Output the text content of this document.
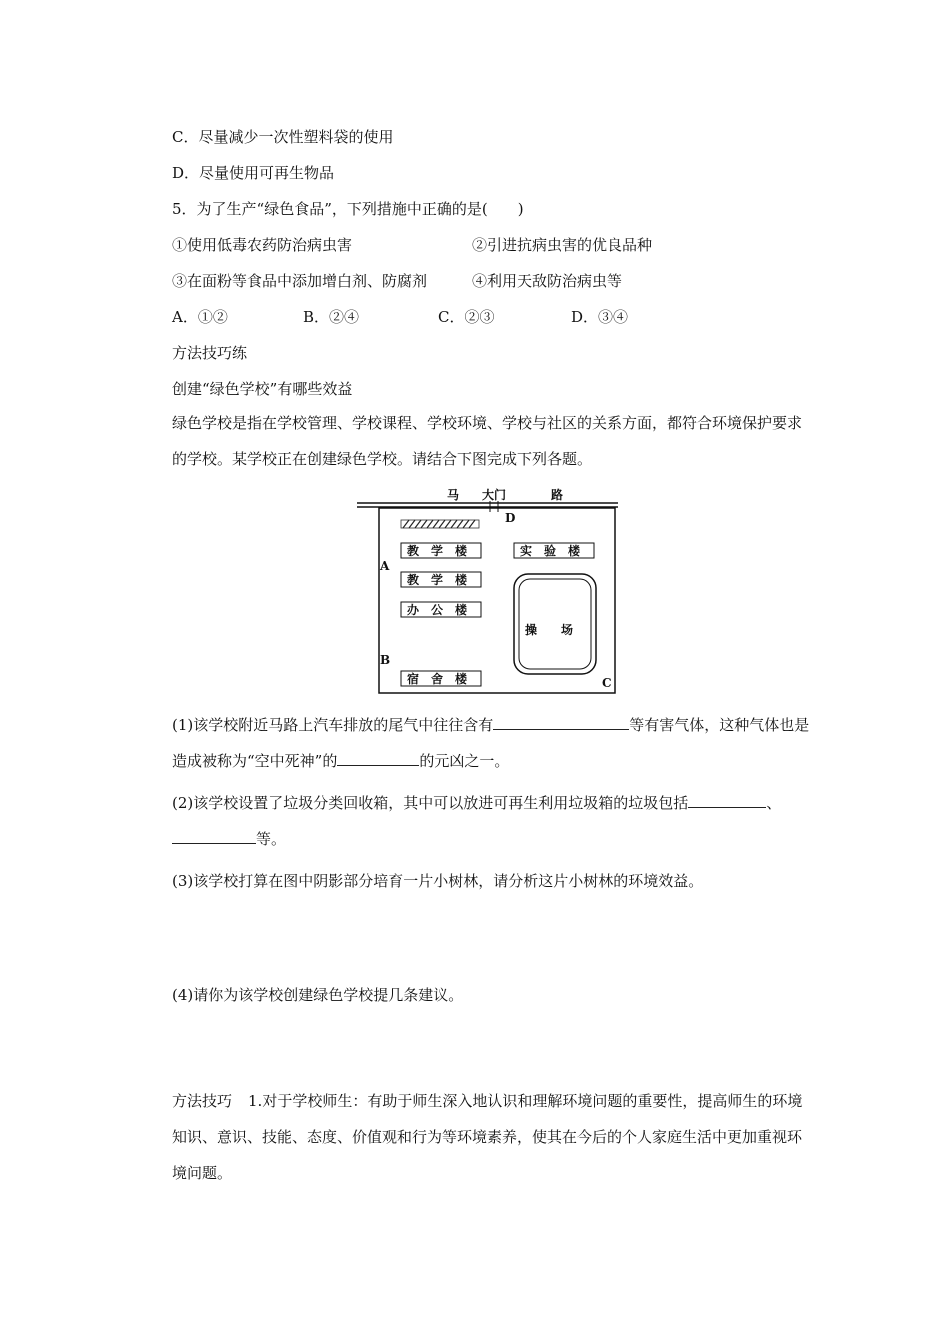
C．尽量减少一次性塑料袋的使用
D．尽量使用可再生物品
5．为了生产“绿色食品”，下列措施中正确的是(　　)
①使用低毒农药防治病虫害	②引进抗病虫害的优良品种
③在面粉等食品中添加增白剂、防腐剂	④利用天敌防治病虫等
A．①②	B．②④	C．②③	D．③④
方法技巧练
创建“绿色学校”有哪些效益
绿色学校是指在学校管理、学校课程、学校环境、学校与社区的关系方面，都符合环境保护要求的学校。某学校正在创建绿色学校。请结合下图完成下列各题。
马 大门	路
D
A
B
C
教　学　楼
教　学　楼
办　公　楼
宿　舍　楼
实　验　楼
操　　场
(1)该学校附近马路上汽车排放的尾气中往往含有	等有害气体，这种气体也是造成被称为“空中死神”的	的元凶之一。
(2)该学校设置了垃圾分类回收箱，其中可以放进可再生利用垃圾箱的垃圾包括	、等。
(3)该学校打算在图中阴影部分培育一片小树林，请分析这片小树林的环境效益。
(4)请你为该学校创建绿色学校提几条建议。
方法技巧 1.对于学校师生：有助于师生深入地认识和理解环境问题的重要性，提高师生的环境知识、意识、技能、态度、价值观和行为等环境素养，使其在今后的个人家庭生活中更加重视环境问题。
